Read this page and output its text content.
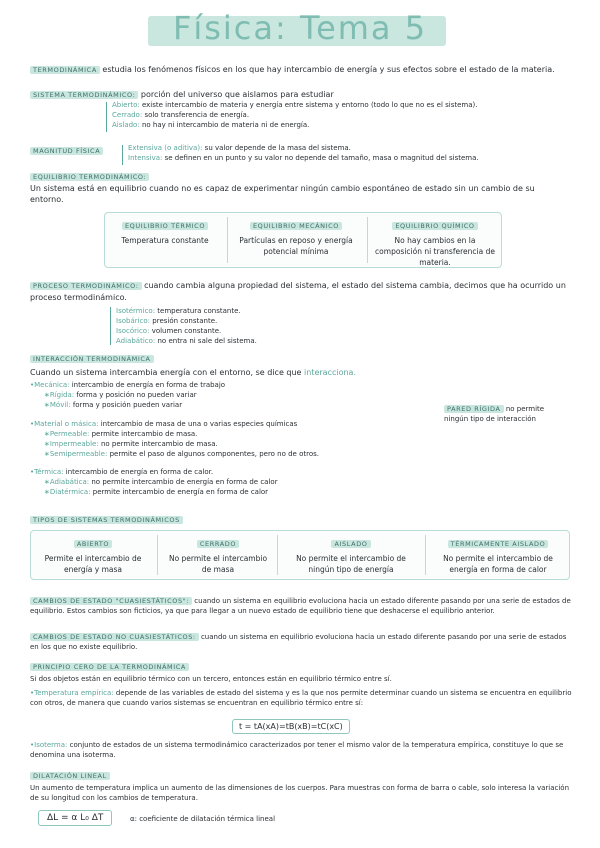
Física: Tema 5
TERMODINÁMICA estudia los fenómenos físicos en los que hay intercambio de energía y sus efectos sobre el estado de la materia.
SISTEMA TERMODINÁMICO: porción del universo que aislamos para estudiar
Abierto: existe intercambio de materia y energía entre sistema y entorno (todo lo que no es el sistema).
Cerrado: solo transferencia de energía.
Aislado: no hay ni intercambio de materia ni de energía.
MAGNITUD FÍSICA	Extensiva (o aditiva): su valor depende de la masa del sistema.
Intensiva: se definen en un punto y su valor no depende del tamaño, masa o magnitud del sistema.
EQUILIBRIO TERMODINÁMICO:
Un sistema está en equilibrio cuando no es capaz de experimentar ningún cambio espontáneo de estado sin un cambio de su entorno.
EQUILIBRIO TÉRMICO
Temperatura constante
EQUILIBRIO MECÁNICO
Partículas en reposo y energía potencial mínima
EQUILIBRIO QUÍMICO
No hay cambios en la composición ni transferencia de materia.
PROCESO TERMODINÁMICO: cuando cambia alguna propiedad del sistema, el estado del sistema cambia, decimos que ha ocurrido un proceso termodinámico.
Isotérmico: temperatura constante.
Isobárico: presión constante.
Isocórico: volumen constante.
Adiabático: no entra ni sale del sistema.
INTERACCIÓN TERMODINÁMICA
Cuando un sistema intercambia energía con el entorno, se dice que interacciona.
•Mecánica: intercambio de energía en forma de trabajo
∗Rígida: forma y posición no pueden variar
∗Móvil: forma y posición pueden variar
•Material o másica: intercambio de masa de una o varias especies químicas
∗Permeable: permite intercambio de masa.
∗Impermeable: no permite intercambio de masa.
∗Semipermeable: permite el paso de algunos componentes, pero no de otros.
•Térmica: intercambio de energía en forma de calor.
∗Adiabática: no permite intercambio de energía en forma de calor
∗Diatérmica: permite intercambio de energía en forma de calor
PARED RÍGIDA no permite ningún tipo de interacción
TIPOS DE SISTEMAS TERMODINÁMICOS
ABIERTO
Permite el intercambio de energía y masa
CERRADO
No permite el intercambio de masa
AISLADO
No permite el intercambio de ningún tipo de energía
TÉRMICAMENTE AISLADO
No permite el intercambio de energía en forma de calor
CAMBIOS DE ESTADO "CUASIESTÁTICOS": cuando un sistema en equilibrio evoluciona hacia un estado diferente pasando por una serie de estados de equilibrio. Estos cambios son ficticios, ya que para llegar a un nuevo estado de equilibrio tiene que deshacerse el equilibrio anterior.
CAMBIOS DE ESTADO NO CUASIESTÁTICOS: cuando un sistema en equilibrio evoluciona hacia un estado diferente pasando por una serie de estados en los que no existe equilibrio.
PRINCIPIO CERO DE LA TERMODINÁMICA
Si dos objetos están en equilibrio térmico con un tercero, entonces están en equilibrio térmico entre sí.
•Temperatura empírica: depende de las variables de estado del sistema y es la que nos permite determinar cuando un sistema se encuentra en equilibrio con otros, de manera que cuando varios sistemas se encuentran en equilibrio térmico entre sí:
t = tA(xA)=tB(xB)=tC(xC)
•Isoterma: conjunto de estados de un sistema termodinámico caracterizados por tener el mismo valor de la temperatura empírica, constituye lo que se denomina una isoterma.
DILATACIÓN LINEAL
Un aumento de temperatura implica un aumento de las dimensiones de los cuerpos. Para muestras con forma de barra o cable, solo interesa la variación de su longitud con los cambios de temperatura.
ΔL = α L₀ ΔT	α: coeficiente de dilatación térmica lineal
